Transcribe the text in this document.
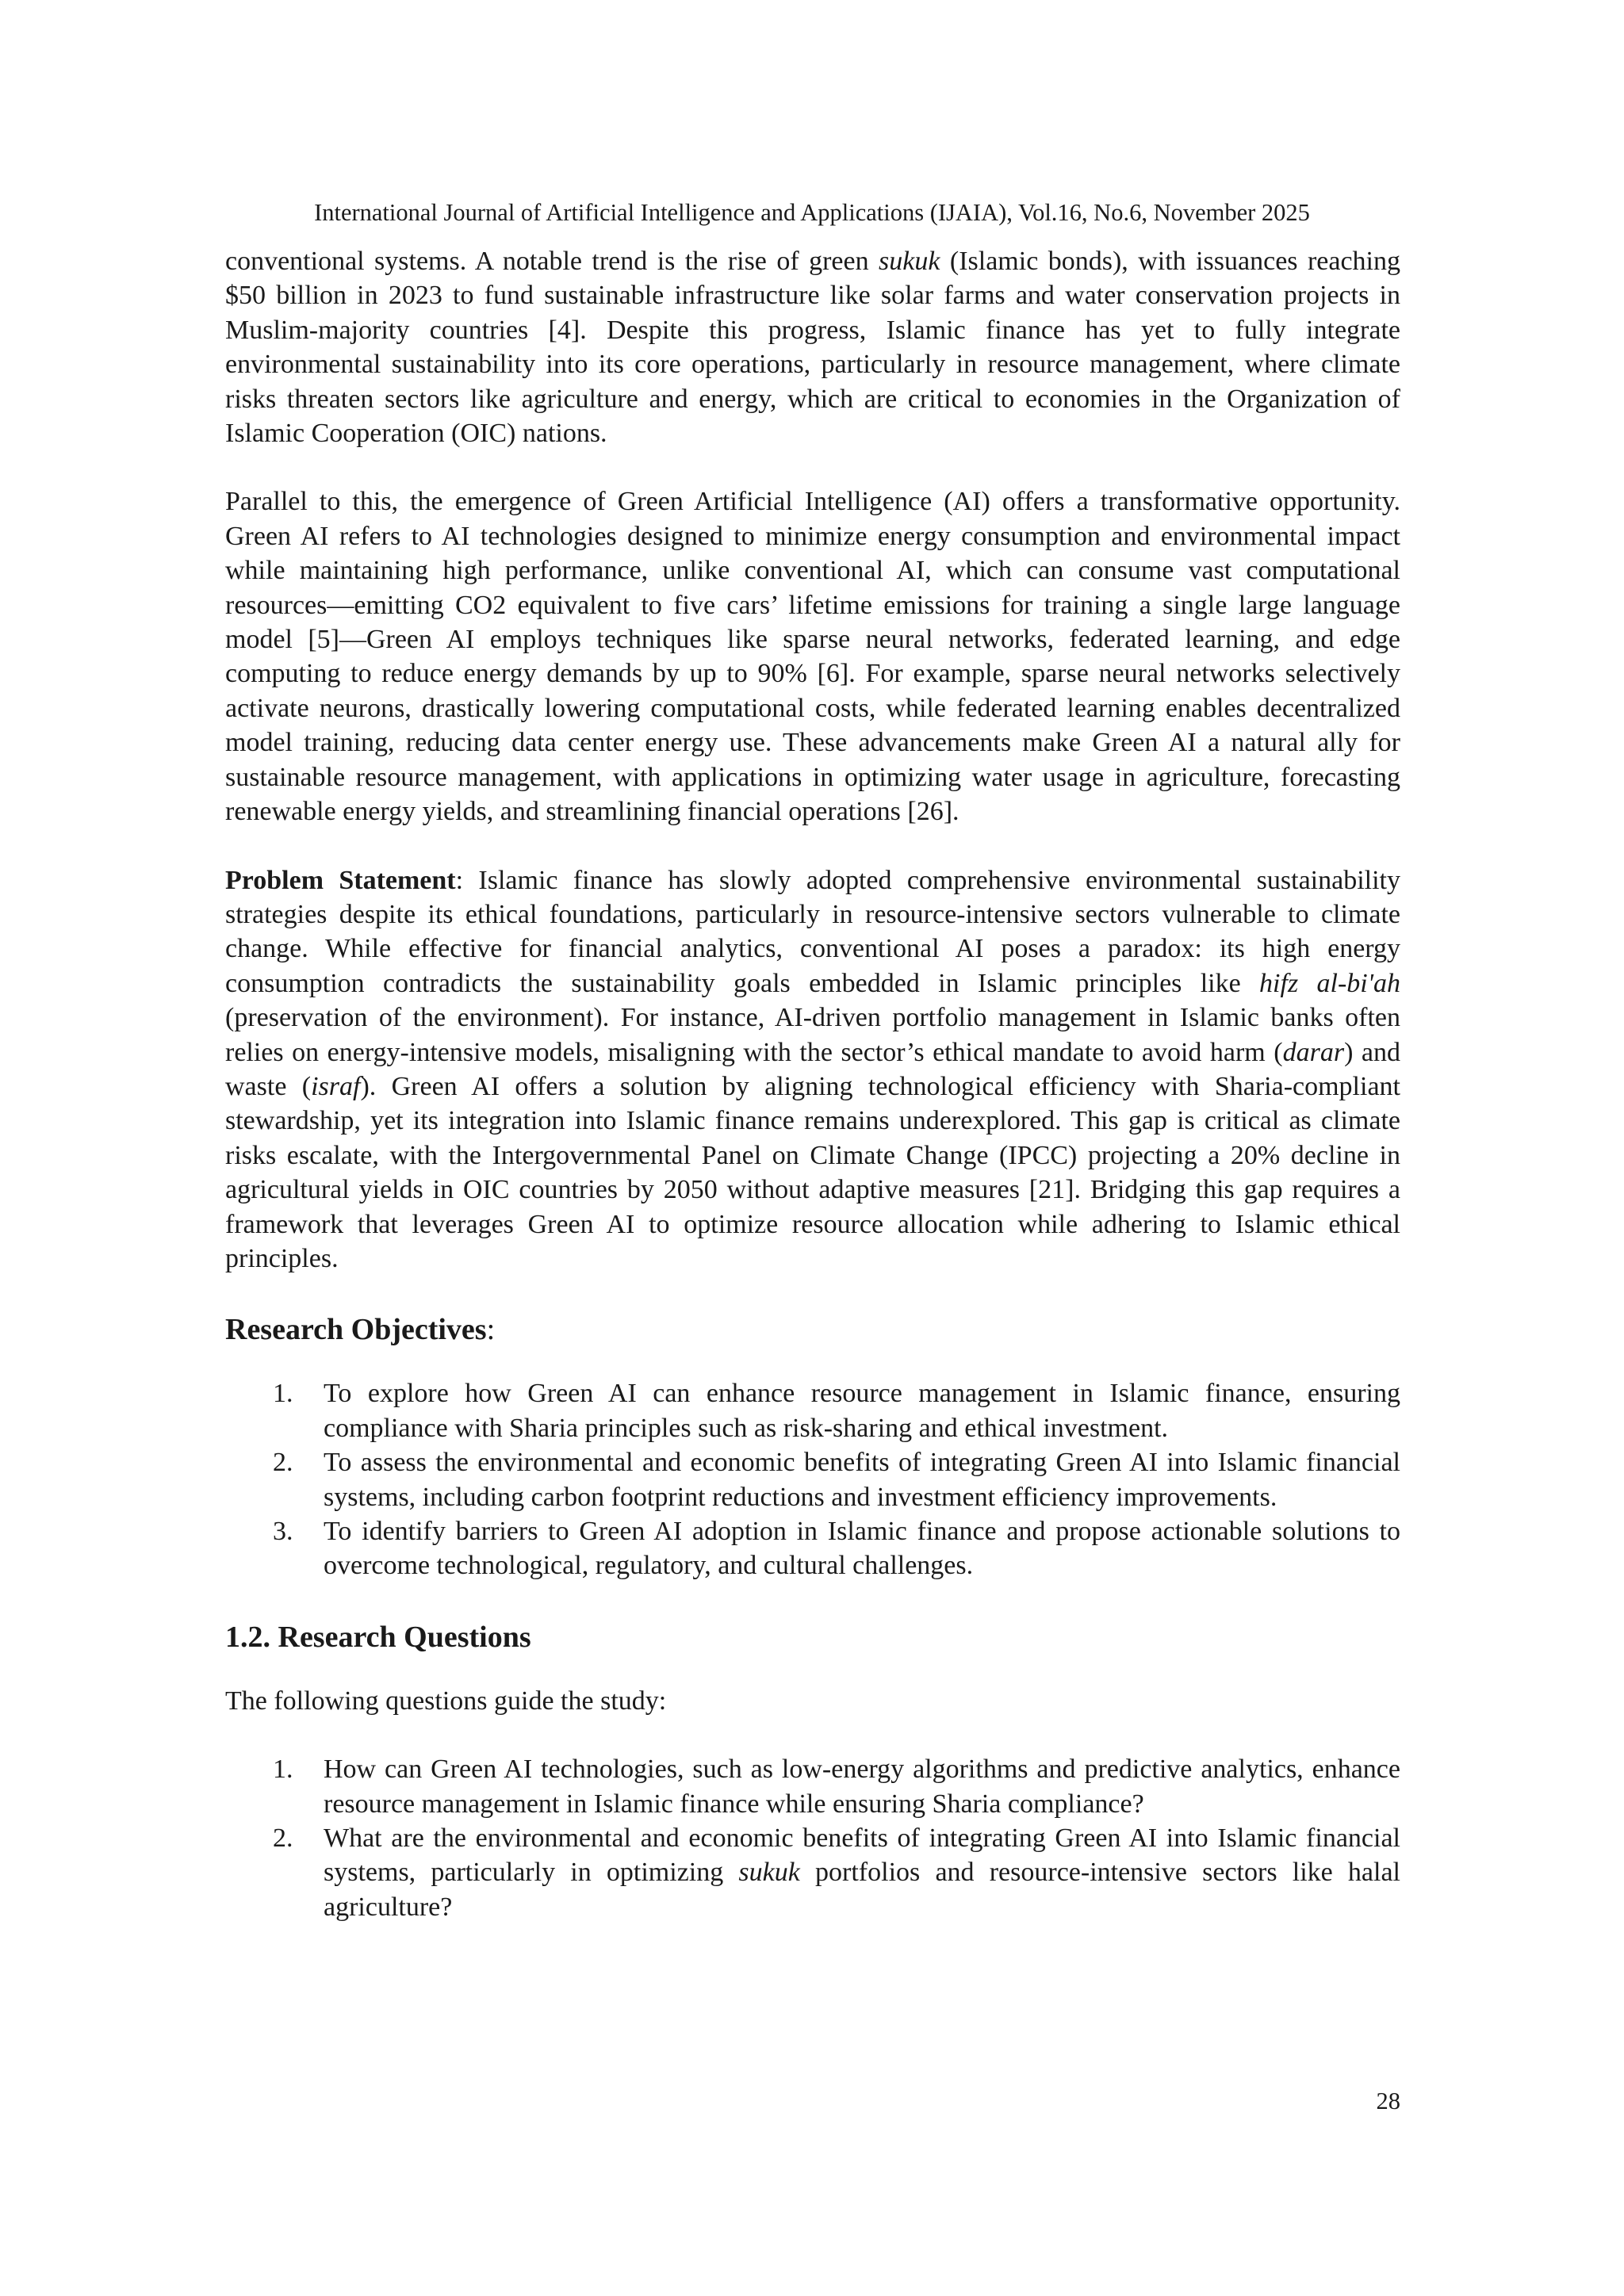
International Journal of Artificial Intelligence and Applications (IJAIA), Vol.16, No.6, November 2025

conventional systems. A notable trend is the rise of green sukuk (Islamic bonds), with issuances reaching $50 billion in 2023 to fund sustainable infrastructure like solar farms and water conservation projects in Muslim-majority countries [4]. Despite this progress, Islamic finance has yet to fully integrate environmental sustainability into its core operations, particularly in resource management, where climate risks threaten sectors like agriculture and energy, which are critical to economies in the Organization of Islamic Cooperation (OIC) nations.

Parallel to this, the emergence of Green Artificial Intelligence (AI) offers a transformative opportunity. Green AI refers to AI technologies designed to minimize energy consumption and environmental impact while maintaining high performance, unlike conventional AI, which can consume vast computational resources—emitting CO2 equivalent to five cars’ lifetime emissions for training a single large language model [5]—Green AI employs techniques like sparse neural networks, federated learning, and edge computing to reduce energy demands by up to 90% [6]. For example, sparse neural networks selectively activate neurons, drastically lowering computational costs, while federated learning enables decentralized model training, reducing data center energy use. These advancements make Green AI a natural ally for sustainable resource management, with applications in optimizing water usage in agriculture, forecasting renewable energy yields, and streamlining financial operations [26].

Problem Statement: Islamic finance has slowly adopted comprehensive environmental sustainability strategies despite its ethical foundations, particularly in resource-intensive sectors vulnerable to climate change. While effective for financial analytics, conventional AI poses a paradox: its high energy consumption contradicts the sustainability goals embedded in Islamic principles like hifz al-bi'ah (preservation of the environment). For instance, AI-driven portfolio management in Islamic banks often relies on energy-intensive models, misaligning with the sector’s ethical mandate to avoid harm (darar) and waste (israf). Green AI offers a solution by aligning technological efficiency with Sharia-compliant stewardship, yet its integration into Islamic finance remains underexplored. This gap is critical as climate risks escalate, with the Intergovernmental Panel on Climate Change (IPCC) projecting a 20% decline in agricultural yields in OIC countries by 2050 without adaptive measures [21]. Bridging this gap requires a framework that leverages Green AI to optimize resource allocation while adhering to Islamic ethical principles.

Research Objectives:
1. To explore how Green AI can enhance resource management in Islamic finance, ensuring compliance with Sharia principles such as risk-sharing and ethical investment.
2. To assess the environmental and economic benefits of integrating Green AI into Islamic financial systems, including carbon footprint reductions and investment efficiency improvements.
3. To identify barriers to Green AI adoption in Islamic finance and propose actionable solutions to overcome technological, regulatory, and cultural challenges.
1.2. Research Questions

The following questions guide the study:

1. How can Green AI technologies, such as low-energy algorithms and predictive analytics, enhance resource management in Islamic finance while ensuring Sharia compliance?
2. What are the environmental and economic benefits of integrating Green AI into Islamic financial systems, particularly in optimizing sukuk portfolios and resource-intensive sectors like halal agriculture?
28
